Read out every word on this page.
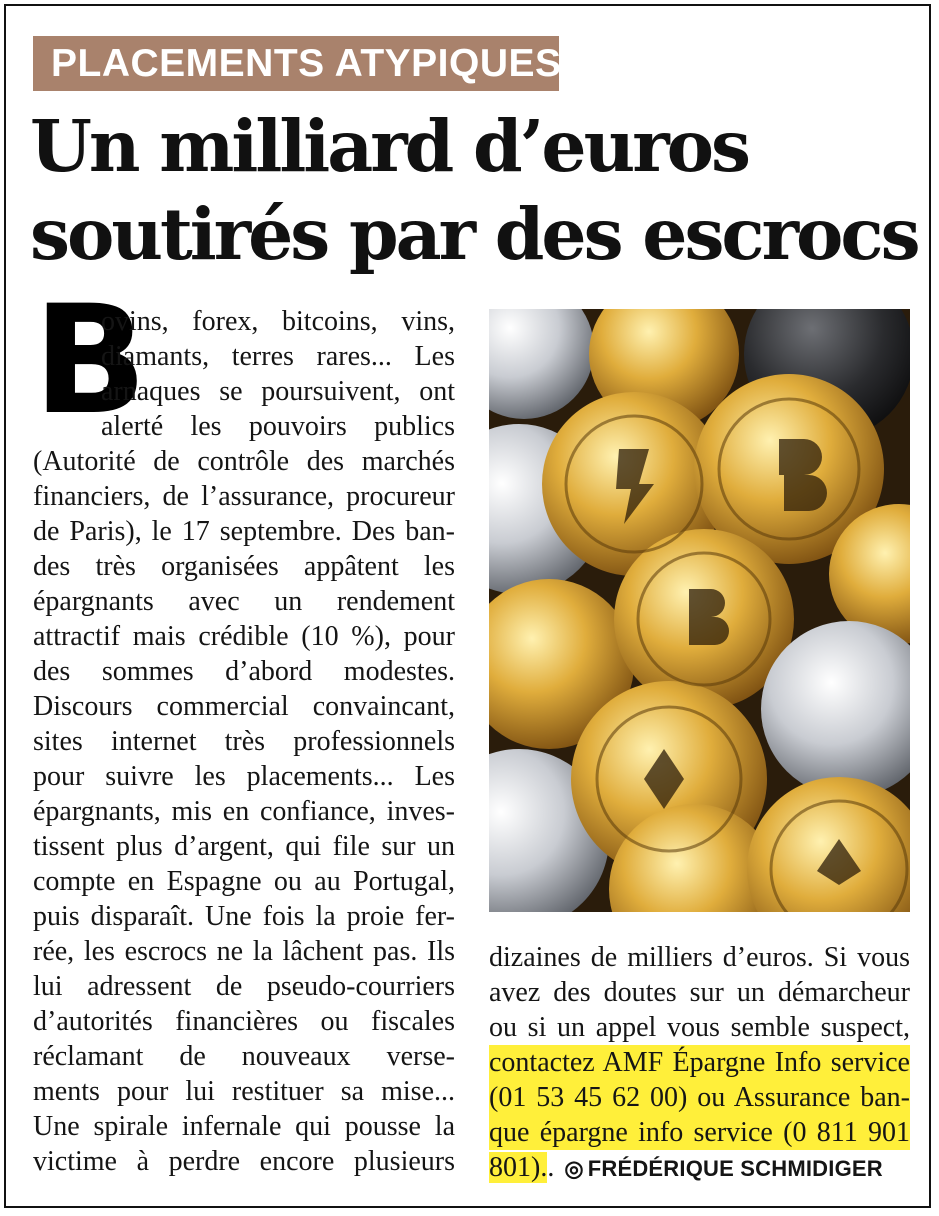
PLACEMENTS ATYPIQUES
Un milliard d’euros
soutirés par des escrocs
B
ovins, forex, bitcoins, vins,
diamants, terres rares... Les
arnaques se poursuivent, ont
alerté les pouvoirs publics
(Autorité de contrôle des marchés
financiers, de l’assurance, procureur
de Paris), le 17 septembre. Des ban-
des très organisées appâtent les
épargnants avec un rendement
attractif mais crédible (10 %), pour
des sommes d’abord modestes.
Discours commercial convaincant,
sites internet très professionnels
pour suivre les placements... Les
épargnants, mis en confiance, inves-
tissent plus d’argent, qui file sur un
compte en Espagne ou au Portugal,
puis disparaît. Une fois la proie fer-
rée, les escrocs ne la lâchent pas. Ils
lui adressent de pseudo-courriers
d’autorités financières ou fiscales
réclamant de nouveaux verse-
ments pour lui restituer sa mise...
Une spirale infernale qui pousse la
victime à perdre encore plusieurs
dizaines de milliers d’euros. Si vous
avez des doutes sur un démarcheur
ou si un appel vous semble suspect,
contactez AMF Épargne Info service
(01 53 45 62 00) ou Assurance ban-
que épargne info service (0 811 901
801).. ◎ FRÉDÉRIQUE SCHMIDIGER
